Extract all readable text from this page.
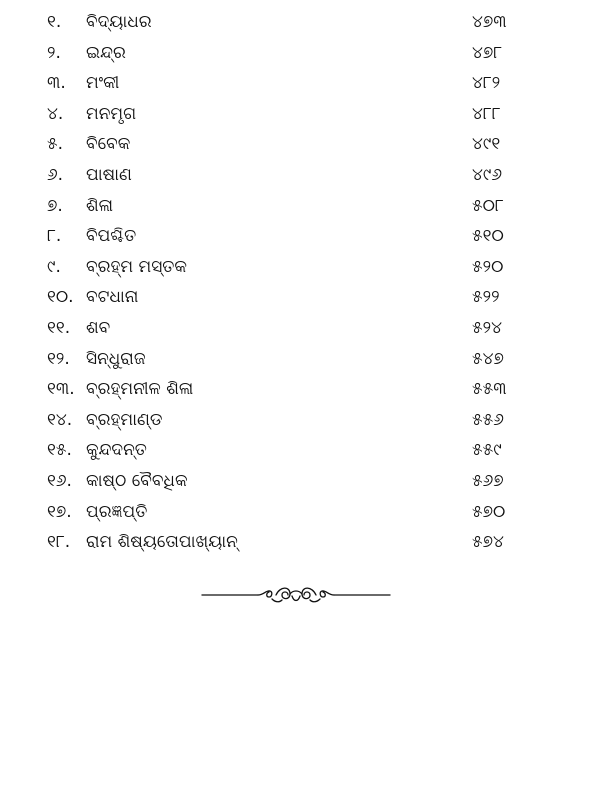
୧. ବିଦ୍ୟାଧର	୪୭୩
୨. ଇନ୍ଦ୍ର	୪୭୮
୩. ମଂକୀ	୪୮୨
୪. ମନମୃଗ	୪୮୮
୫. ବିବେକ	୪୯୧
୬. ପାଷାଣ	୪୯୬
୭. ଶିଳା	୫୦୮
୮. ବିପଶ୍ଚିତ	୫୧୦
୯. ବ୍ରହ୍ମ ମସ୍ତକ	୫୨୦
୧୦. ବଟଧାନା	୫୨୨
୧୧. ଶବ	୫୨୪
୧୨. ସିନ୍ଧୁରାଜ	୫୪୭
୧୩. ବ୍ରହ୍ମନୀଳ ଶିଳା	୫୫୩
୧୪. ବ୍ରହ୍ମାଣ୍ଡ	୫୫୬
୧୫. କୁନ୍ଦଦନ୍ତ	୫୫୯
୧୬. କାଷ୍ଠ ବୈବଧିକ	୫୬୭
୧୭. ପ୍ରଜ୍ଞପ୍ତି	୫୭୦
୧୮. ରାମ ଶିଷ୍ୟତୋପାଖ୍ୟାନ୍	୫୭୪
